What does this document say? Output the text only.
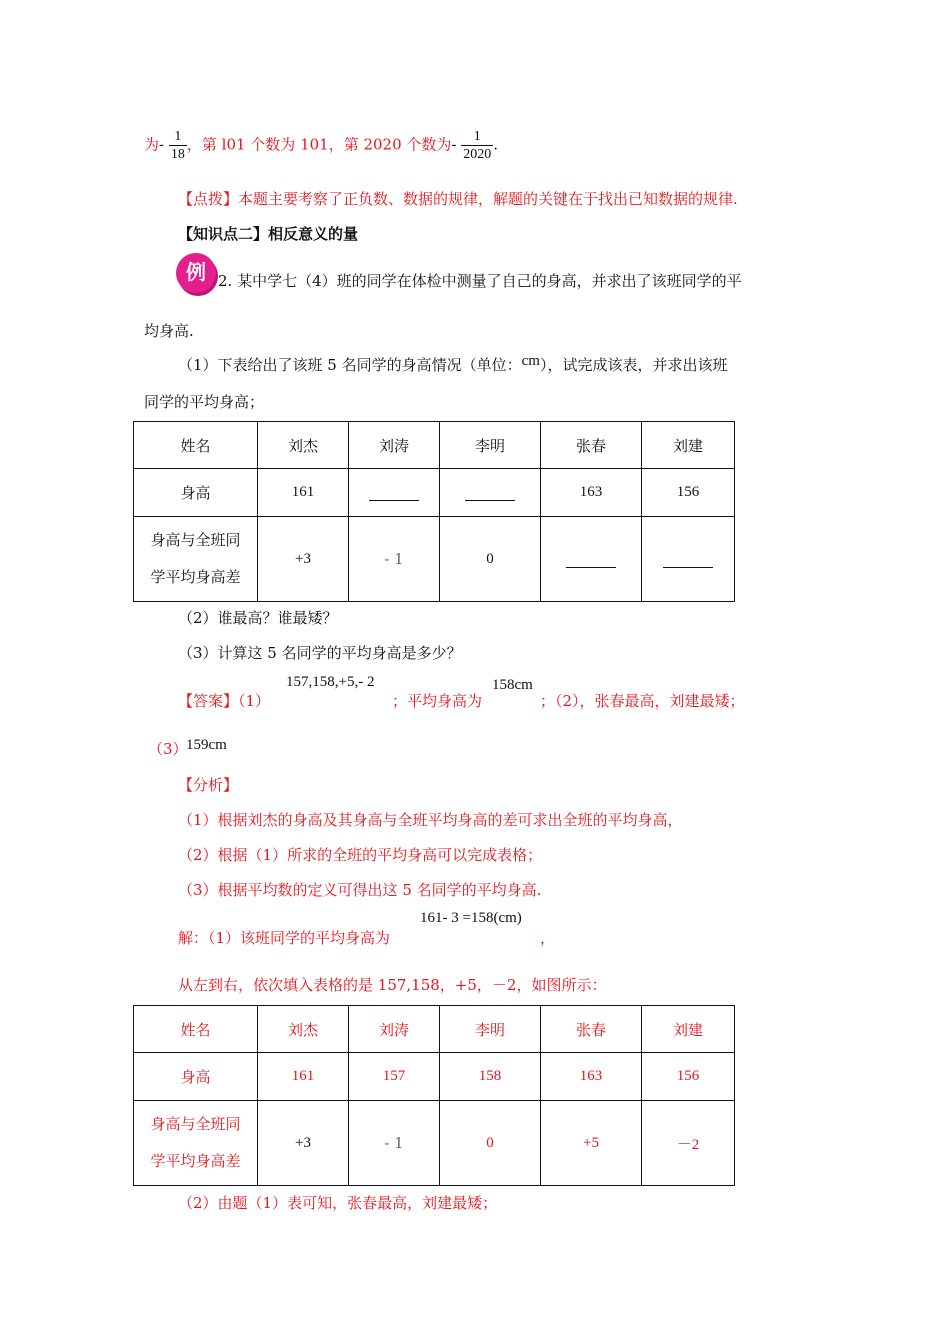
为- $\frac{1}{18}$ ，第 l01 个数为 101，第 2020 个数为- $\frac{1}{2020}$ .
【点拨】本题主要考察了正负数、数据的规律，解题的关键在于找出已知数据的规律.
【知识点二】相反意义的量
例 2. 某中学七（4）班的同学在体检中测量了自己的身高，并求出了该班同学的平
均身高.
（1）下表给出了该班 5 名同学的身高情况（单位：cm），试完成该表，并求出该班
同学的平均身高；
姓名	刘杰	刘涛	李明	张春	刘建
身高	161			163	156
身高与全班同
学平均身高差	+3	- 1	0		
（2）谁最高？谁最矮？
（3）计算这 5 名同学的平均身高是多少？
【答案】（1）
157,158,+5,- 2
；平均身高为
158cm
；（2），张春最高，刘建最矮；
（3）
159cm
【分析】
（1）根据刘杰的身高及其身高与全班平均身高的差可求出全班的平均身高，
（2）根据（1）所求的全班的平均身高可以完成表格；
（3）根据平均数的定义可得出这 5 名同学的平均身高.
解：（1）该班同学的平均身高为
161- 3 =158(cm)
，
从左到右，依次填入表格的是 157,158，+5，－2，如图所示：
姓名	刘杰	刘涛	李明	张春	刘建
身高	161	157	158	163	156
身高与全班同
学平均身高差	+3	- 1	0	+5	－2
（2）由题（1）表可知，张春最高，刘建最矮；
